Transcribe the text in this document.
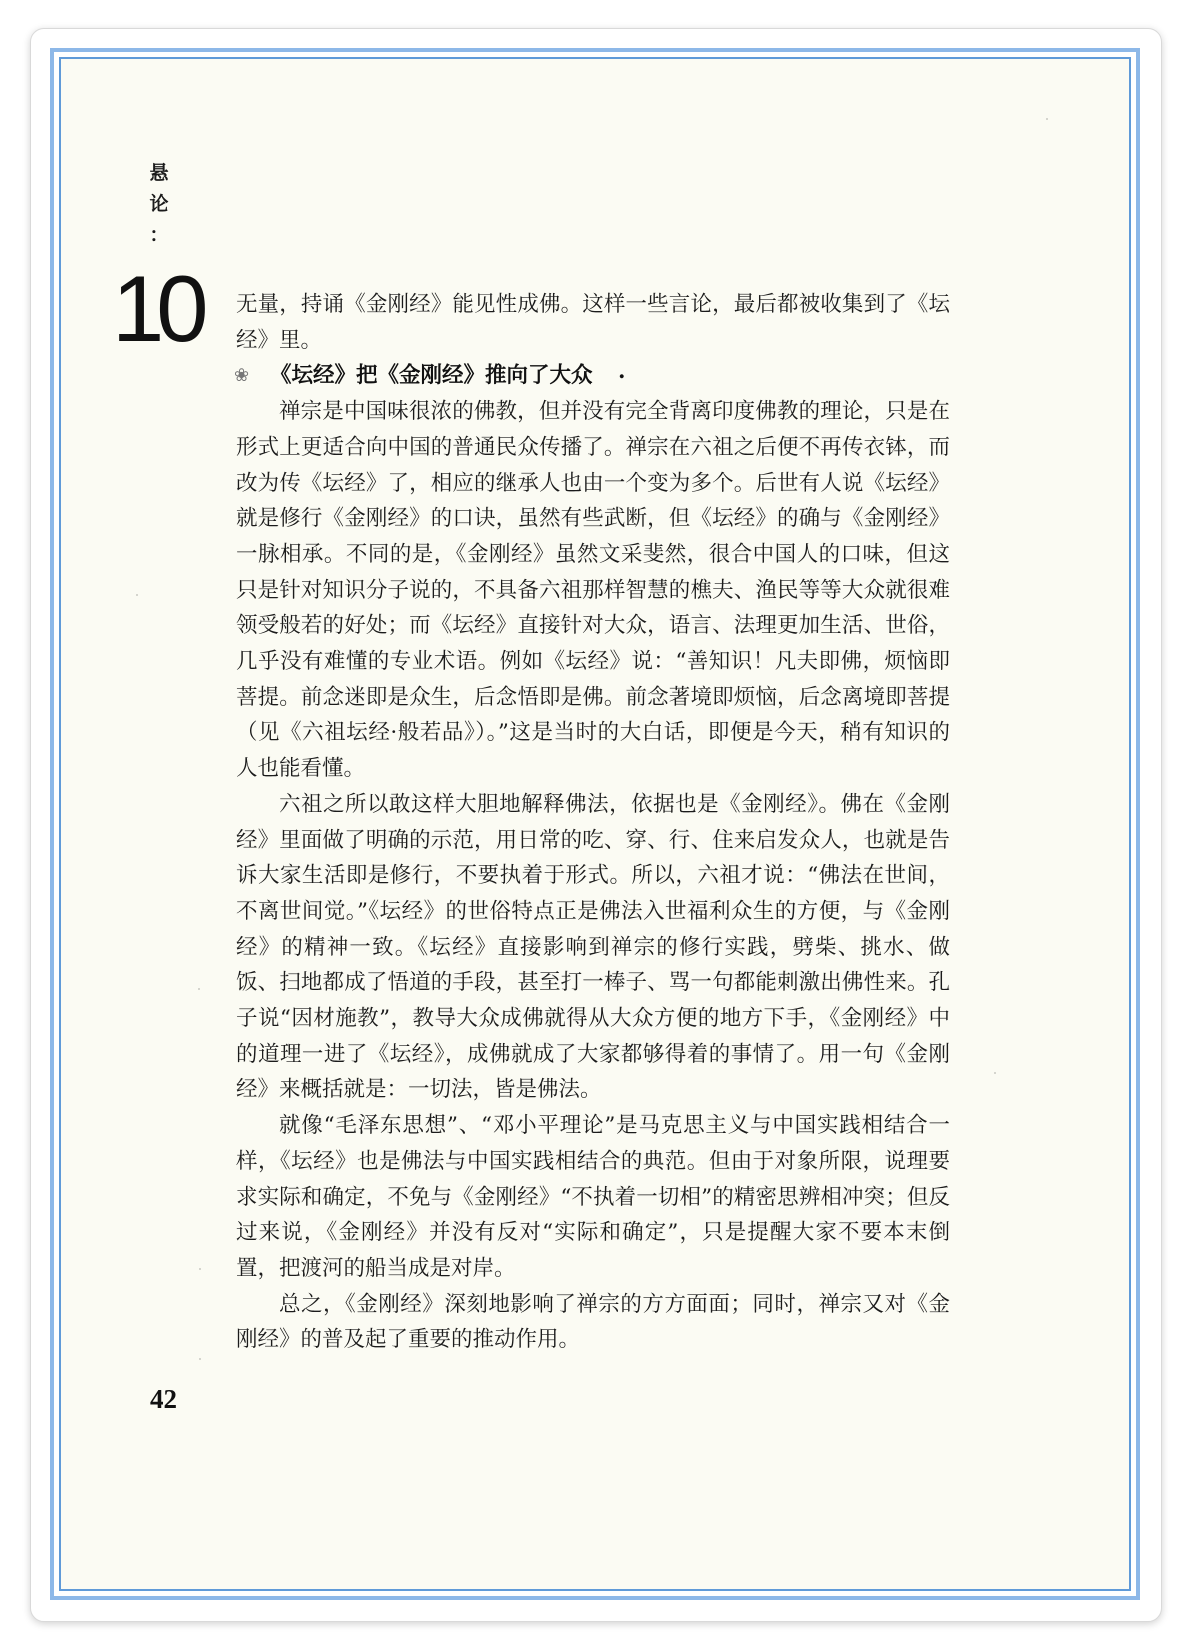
悬
论
：
10 无量，持诵《金刚经》能见性成佛。这样一些言论，最后都被收集到了《坛经》里。

❀ 《坛经》把《金刚经》推向了大众 .

禅宗是中国味很浓的佛教，但并没有完全背离印度佛教的理论，只是在形式上更适合向中国的普通民众传播了。禅宗在六祖之后便不再传衣钵，而改为传《坛经》了，相应的继承人也由一个变为多个。后世有人说《坛经》就是修行《金刚经》的口诀，虽然有些武断，但《坛经》的确与《金刚经》一脉相承。不同的是，《金刚经》虽然文采斐然，很合中国人的口味，但这只是针对知识分子说的，不具备六祖那样智慧的樵夫、渔民等等大众就很难领受般若的好处；而《坛经》直接针对大众，语言、法理更加生活、世俗，几乎没有难懂的专业术语。例如《坛经》说：“善知识！凡夫即佛，烦恼即菩提。前念迷即是众生，后念悟即是佛。前念著境即烦恼，后念离境即菩提（见《六祖坛经·般若品》）。”这是当时的大白话，即便是今天，稍有知识的人也能看懂。

六祖之所以敢这样大胆地解释佛法，依据也是《金刚经》。佛在《金刚经》里面做了明确的示范，用日常的吃、穿、行、住来启发众人，也就是告诉大家生活即是修行，不要执着于形式。所以，六祖才说：“佛法在世间，不离世间觉。”《坛经》的世俗特点正是佛法入世福利众生的方便，与《金刚经》的精神一致。《坛经》直接影响到禅宗的修行实践，劈柴、挑水、做饭、扫地都成了悟道的手段，甚至打一棒子、骂一句都能刺激出佛性来。孔子说“因材施教”，教导大众成佛就得从大众方便的地方下手，《金刚经》中的道理一进了《坛经》，成佛就成了大家都够得着的事情了。用一句《金刚经》来概括就是：一切法，皆是佛法。

就像“毛泽东思想”、“邓小平理论”是马克思主义与中国实践相结合一样，《坛经》也是佛法与中国实践相结合的典范。但由于对象所限，说理要求实际和确定，不免与《金刚经》“不执着一切相”的精密思辨相冲突；但反过来说，《金刚经》并没有反对“实际和确定”，只是提醒大家不要本末倒置，把渡河的船当成是对岸。

总之，《金刚经》深刻地影响了禅宗的方方面面；同时，禅宗又对《金刚经》的普及起了重要的推动作用。

42
